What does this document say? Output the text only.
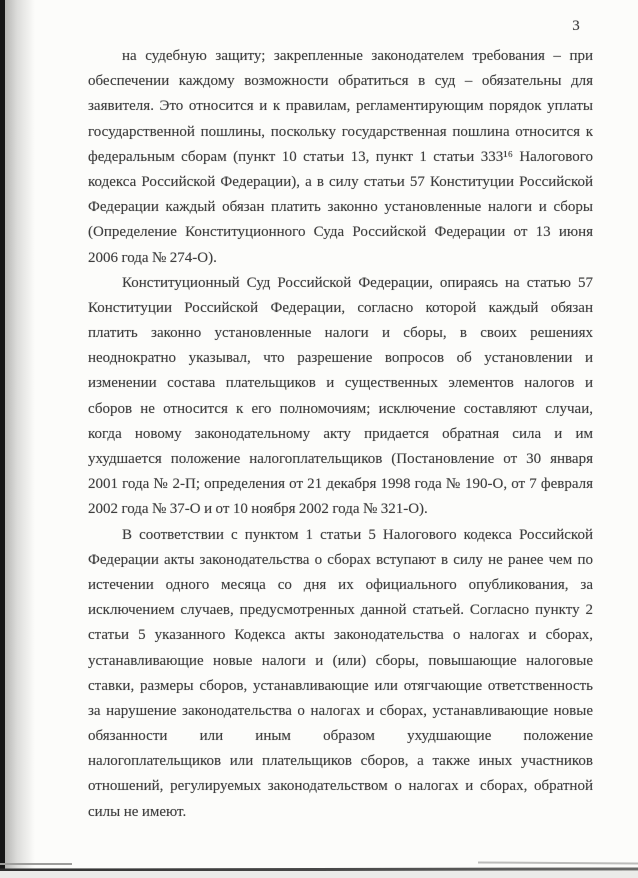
3
на судебную защиту; закрепленные законодателем требования – при
обеспечении каждому возможности обратиться в суд – обязательны для
заявителя. Это относится и к правилам, регламентирующим порядок уплаты
государственной пошлины, поскольку государственная пошлина относится к
федеральным сборам (пункт 10 статьи 13, пункт 1 статьи 333¹⁶ Налогового
кодекса Российской Федерации), а в силу статьи 57 Конституции Российской
Федерации каждый обязан платить законно установленные налоги и сборы
(Определение Конституционного Суда Российской Федерации от 13 июня
2006 года № 274-О).
Конституционный Суд Российской Федерации, опираясь на статью 57
Конституции Российской Федерации, согласно которой каждый обязан
платить законно установленные налоги и сборы, в своих решениях
неоднократно указывал, что разрешение вопросов об установлении и
изменении состава плательщиков и существенных элементов налогов и
сборов не относится к его полномочиям; исключение составляют случаи,
когда новому законодательному акту придается обратная сила и им
ухудшается положение налогоплательщиков (Постановление от 30 января
2001 года № 2-П; определения от 21 декабря 1998 года № 190-О, от 7 февраля
2002 года № 37-О и от 10 ноября 2002 года № 321-О).
В соответствии с пунктом 1 статьи 5 Налогового кодекса Российской
Федерации акты законодательства о сборах вступают в силу не ранее чем по
истечении одного месяца со дня их официального опубликования, за
исключением случаев, предусмотренных данной статьей. Согласно пункту 2
статьи 5 указанного Кодекса акты законодательства о налогах и сборах,
устанавливающие новые налоги и (или) сборы, повышающие налоговые
ставки, размеры сборов, устанавливающие или отягчающие ответственность
за нарушение законодательства о налогах и сборах, устанавливающие новые
обязанности или иным образом ухудшающие положение
налогоплательщиков или плательщиков сборов, а также иных участников
отношений, регулируемых законодательством о налогах и сборах, обратной
силы не имеют.
